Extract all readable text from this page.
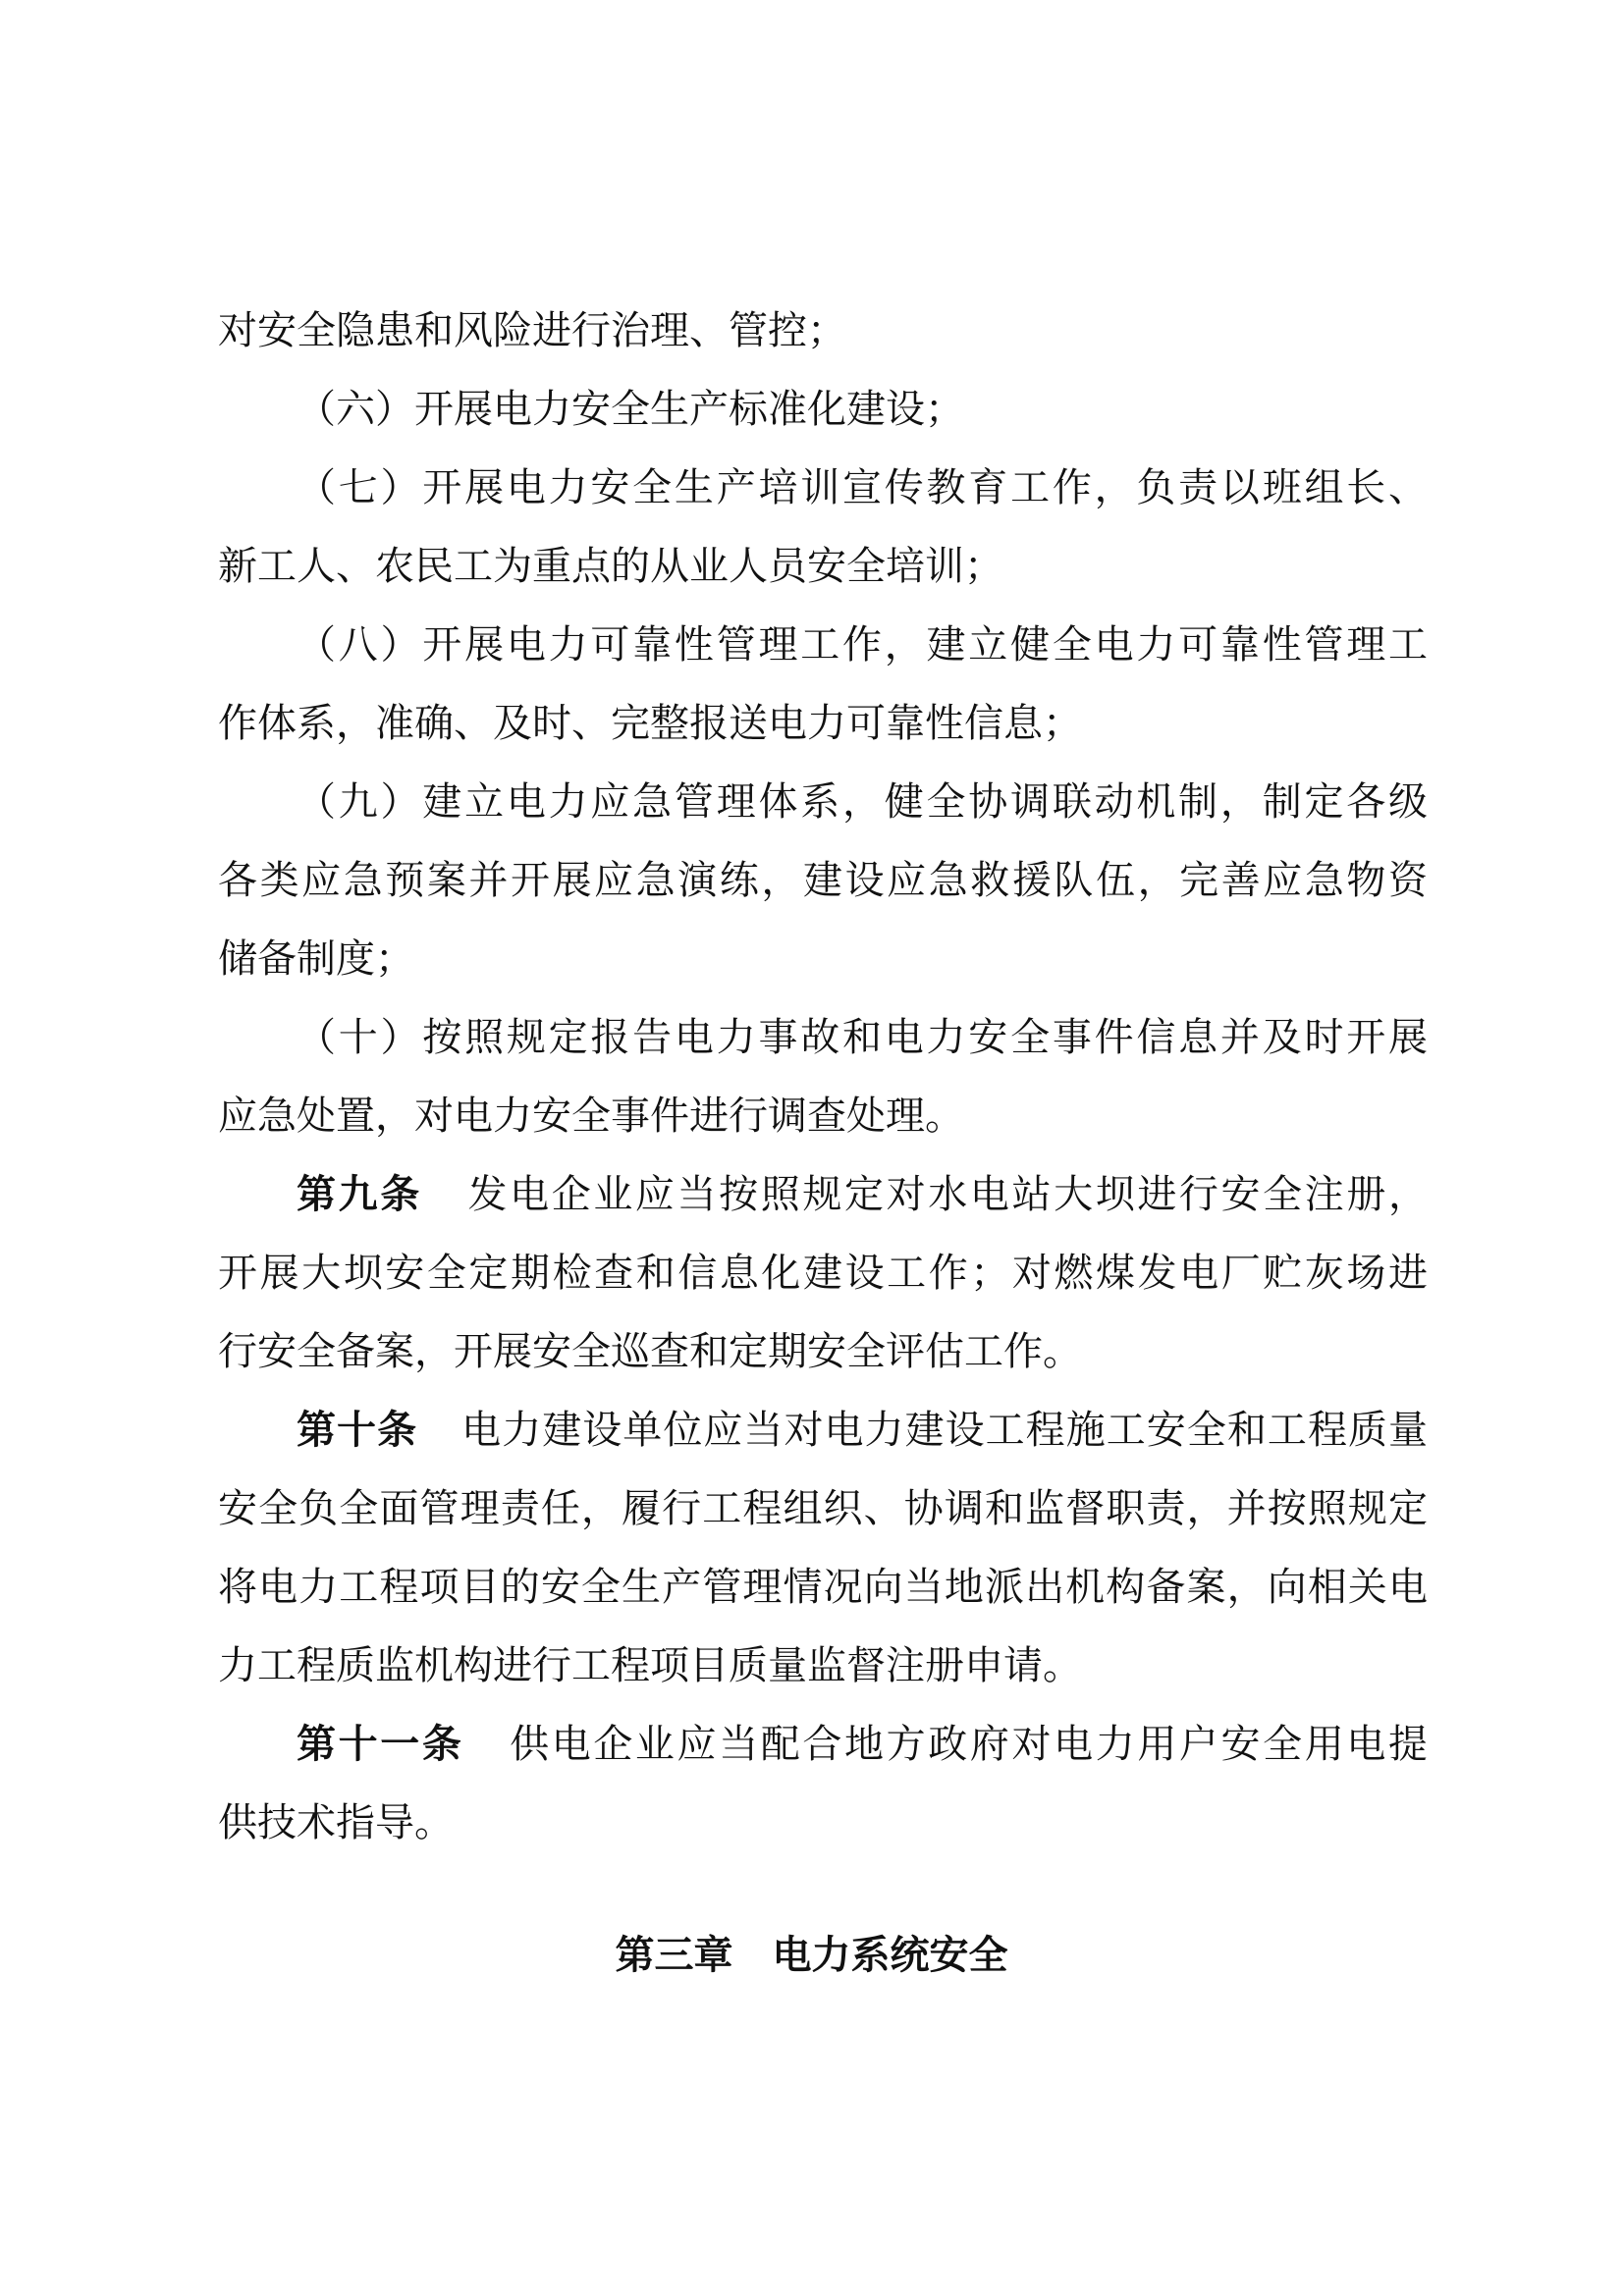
对安全隐患和风险进行治理、管控；
（六）开展电力安全生产标准化建设；
（七）开展电力安全生产培训宣传教育工作，负责以班组长、
新工人、农民工为重点的从业人员安全培训；
（八）开展电力可靠性管理工作，建立健全电力可靠性管理工
作体系，准确、及时、完整报送电力可靠性信息；
（九）建立电力应急管理体系，健全协调联动机制，制定各级
各类应急预案并开展应急演练，建设应急救援队伍，完善应急物资
储备制度；
（十）按照规定报告电力事故和电力安全事件信息并及时开展
应急处置，对电力安全事件进行调查处理。
第九条 发电企业应当按照规定对水电站大坝进行安全注册，
开展大坝安全定期检查和信息化建设工作；对燃煤发电厂贮灰场进
行安全备案，开展安全巡查和定期安全评估工作。
第十条 电力建设单位应当对电力建设工程施工安全和工程质量
安全负全面管理责任，履行工程组织、协调和监督职责，并按照规定
将电力工程项目的安全生产管理情况向当地派出机构备案，向相关电
力工程质监机构进行工程项目质量监督注册申请。
第十一条 供电企业应当配合地方政府对电力用户安全用电提
供技术指导。
第三章 电力系统安全
